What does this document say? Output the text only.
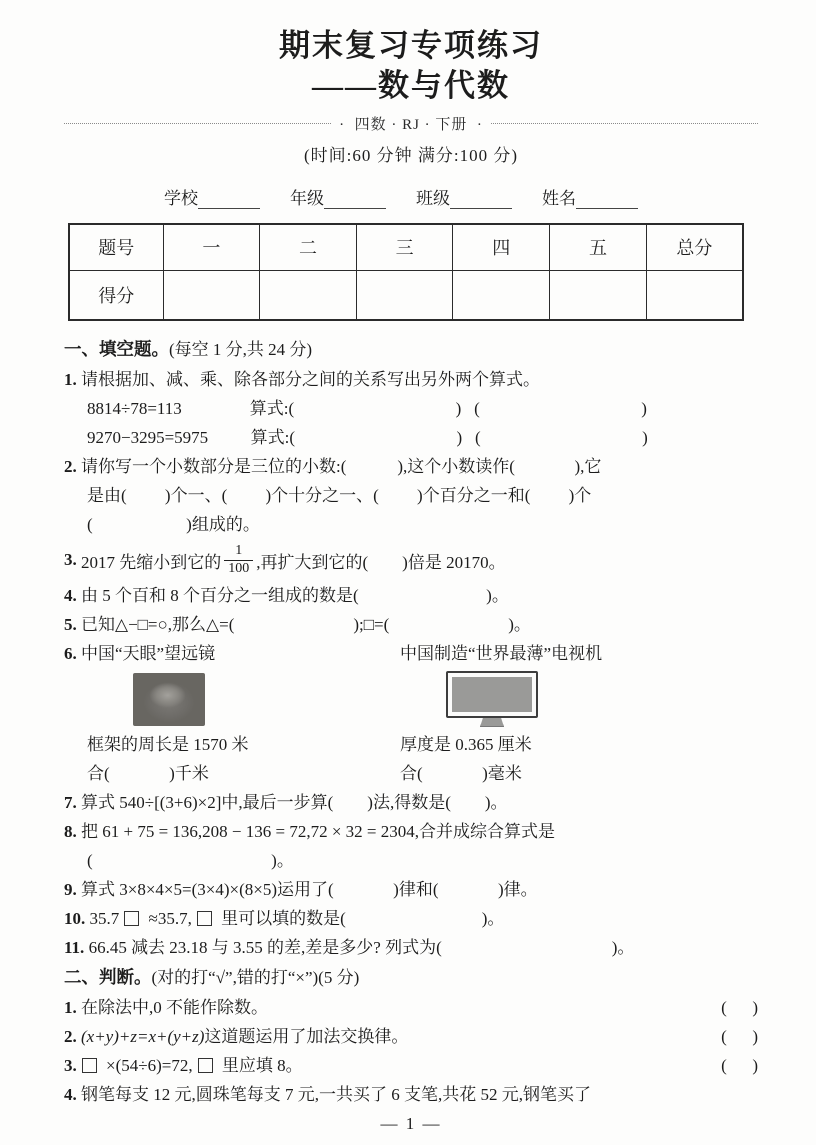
期末复习专项练习
——数与代数
·  四数 · RJ · 下册  ·
(时间:60 分钟 满分:100 分)
学校	年级	班级	姓名
题号	一	二	三	四	五	总分
得分						
一、填空题。(每空 1 分,共 24 分)
1. 请根据加、减、乘、除各部分之间的关系写出另外两个算式。
8814÷78=113                算式:(                                      )   (                                      )
9270−3295=5975          算式:(                                      )   (                                      )
2. 请你写一个小数部分是三位的小数:(            ),这个小数读作(              ),它
是由(         )个一、(         )个十分之一、(         )个百分之一和(         )个
(                      )组成的。
3. 2017 先缩小到它的 $\frac{1}{100}$ ,再扩大到它的(        )倍是 20170。
4. 由 5 个百和 8 个百分之一组成的数是(                              )。
5. 已知△−□=○,那么△=(                            );□=(                            )。
6. 中国“天眼”望远镜
框架的周长是 1570 米
合(              )千米
中国制造“世界最薄”电视机
厚度是 0.365 厘米
合(              )毫米
7. 算式 540÷[(3+6)×2]中,最后一步算(        )法,得数是(        )。
8. 把 61 + 75 = 136,208 − 136 = 72,72 × 32 = 2304,合并成综合算式是
(                                          )。
9. 算式 3×8×4×5=(3×4)×(8×5)运用了(              )律和(              )律。
10. 35.7 ≈35.7, 里可以填的数是(                                )。
11. 66.45 减去 23.18 与 3.55 的差,差是多少? 列式为(                                        )。
二、判断。(对的打“√”,错的打“×”)(5 分)
1. 在除法中,0 不能作除数。	(      )
2. (x+y)+z=x+(y+z)这道题运用了加法交换律。	(      )
3. ×(54÷6)=72, 里应填 8。	(      )
4. 钢笔每支 12 元,圆珠笔每支 7 元,一共买了 6 支笔,共花 52 元,钢笔买了
— 1 —
